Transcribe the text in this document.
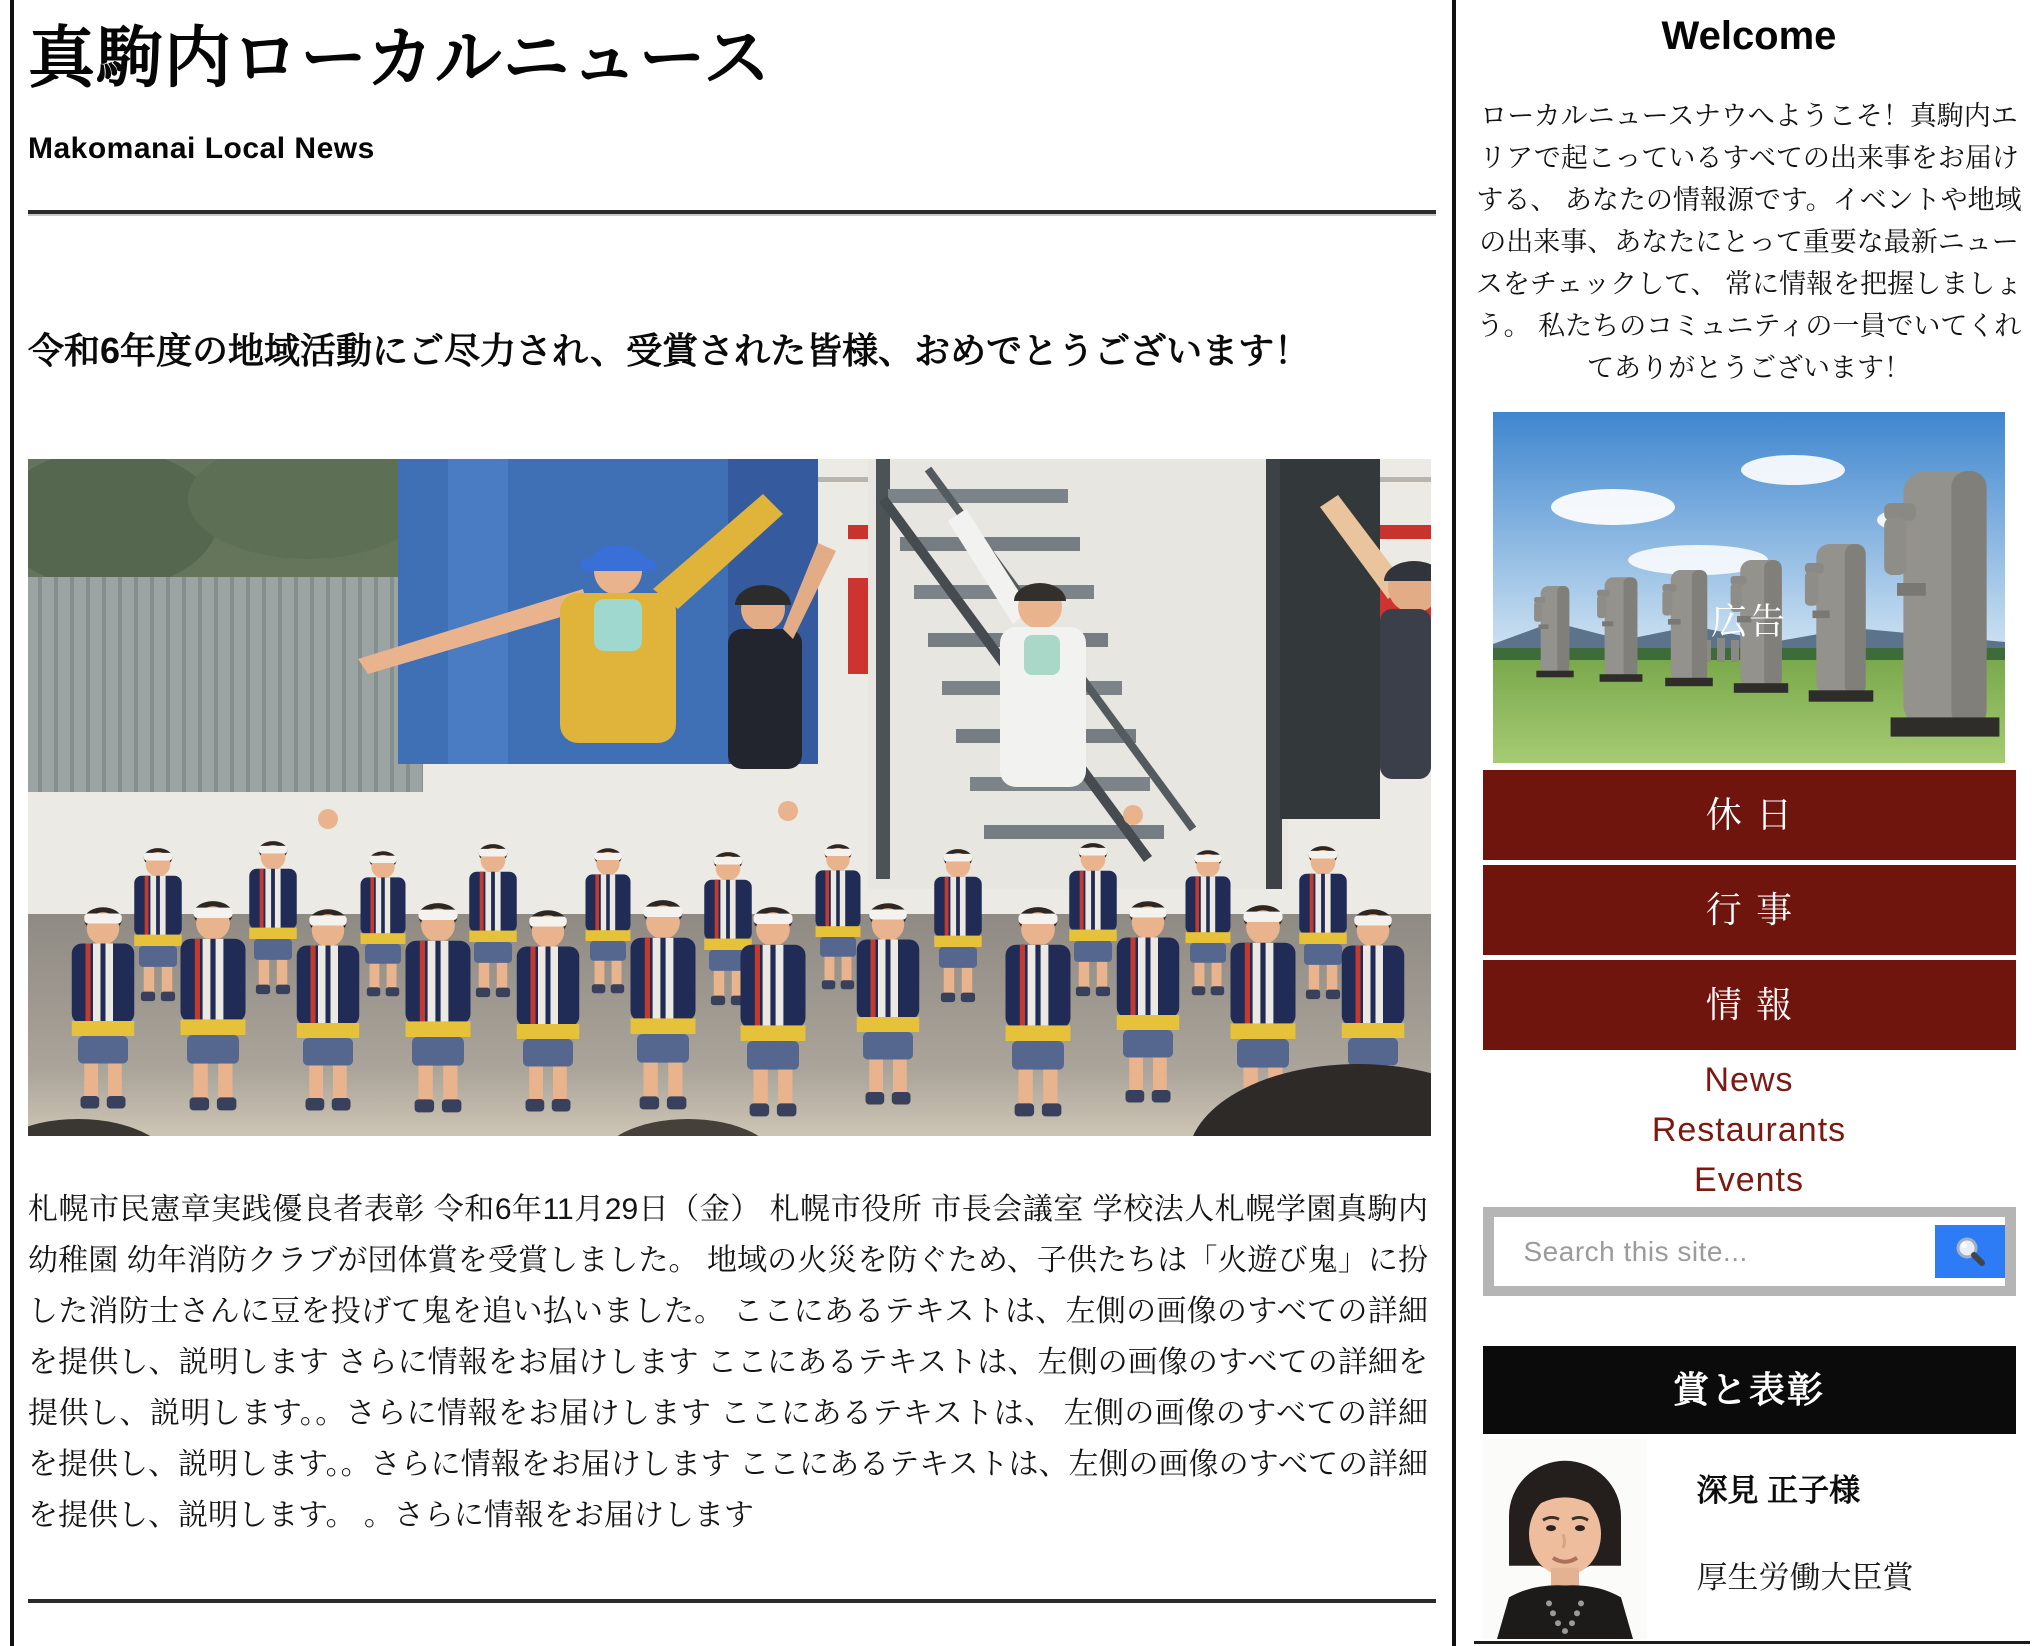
真駒内ローカルニュース

Makomanai Local News

令和6年度の地域活動にご尽力され、受賞された皆様、おめでとうございます！

札幌市民憲章実践優良者表彰 令和6年11月29日（金） 札幌市役所 市長会議室 学校法人札幌学園真駒内幼稚園 幼年消防クラブが団体賞を受賞しました。 地域の火災を防ぐため、子供たちは「火遊び鬼」に扮した消防士さんに豆を投げて鬼を追い払いました。 ここにあるテキストは、左側の画像のすべての詳細を提供し、説明します さらに情報をお届けします ここにあるテキストは、左側の画像のすべての詳細を提供し、説明します。。さらに情報をお届けします ここにあるテキストは、 左側の画像のすべての詳細を提供し、説明します。。さらに情報をお届けします ここにあるテキストは、左側の画像のすべての詳細を提供し、説明します。 。さらに情報をお届けします

Welcome

ローカルニュースナウへようこそ！真駒内エリアで起こっているすべての出来事をお届けする、 あなたの情報源です。イベントや地域の出来事、あなたにとって重要な最新ニュースをチェックして、 常に情報を把握しましょう。 私たちのコミュニティの一員でいてくれてありがとうございます！

広告
休日
行事
情報
News
Restaurants
Events
Search this site...
賞と表彰
深見 正子様
厚生労働大臣賞
